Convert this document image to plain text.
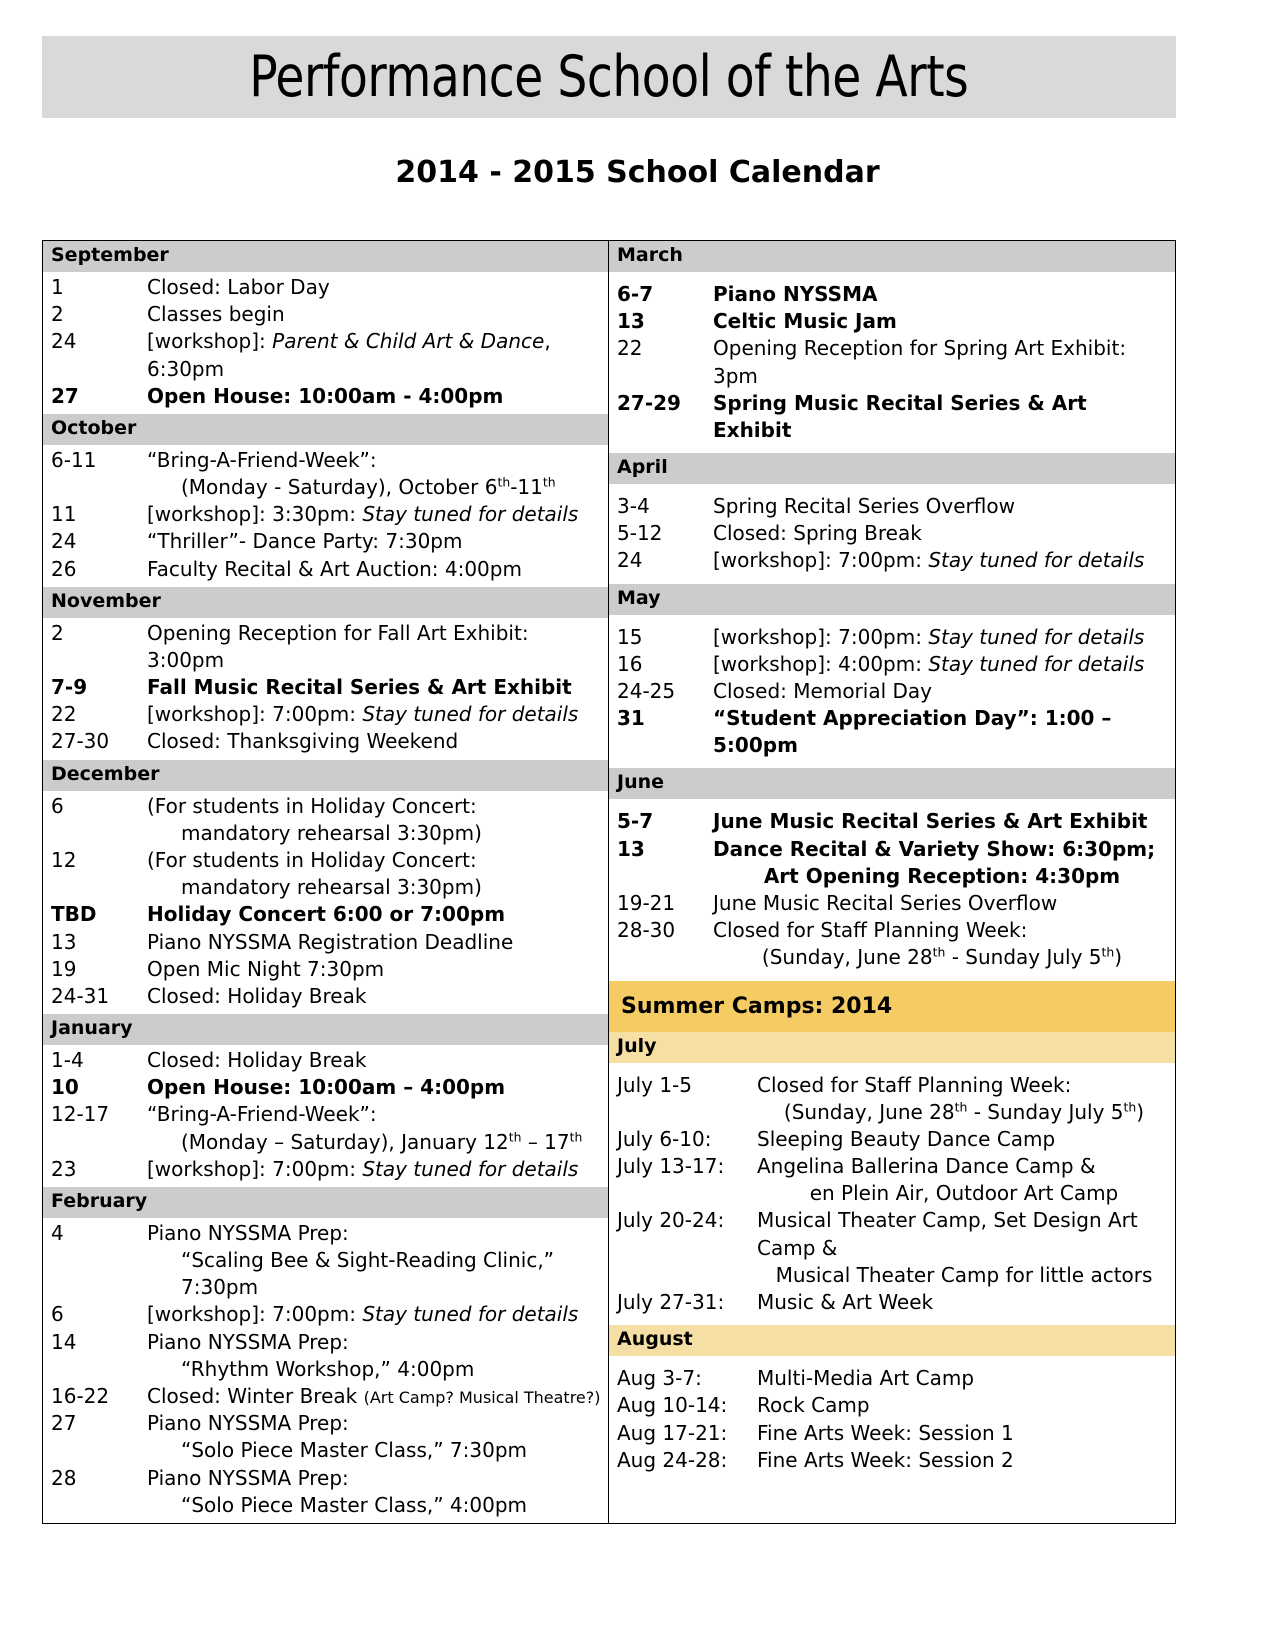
Performance School of the Arts
2014 - 2015 School Calendar
September
1	Closed: Labor Day
2	Classes begin
24	[workshop]: Parent & Child Art & Dance, 6:30pm
27	Open House: 10:00am - 4:00pm
October
6-11	“Bring-A-Friend-Week”:
(Monday - Saturday), October 6th-11th
11	[workshop]: 3:30pm: Stay tuned for details
24	“Thriller”- Dance Party: 7:30pm
26	Faculty Recital & Art Auction: 4:00pm
November
2	Opening Reception for Fall Art Exhibit: 3:00pm
7-9	Fall Music Recital Series & Art Exhibit
22	[workshop]: 7:00pm: Stay tuned for details
27-30	Closed: Thanksgiving Weekend
December
6	(For students in Holiday Concert:
mandatory rehearsal 3:30pm)
12	(For students in Holiday Concert:
mandatory rehearsal 3:30pm)
TBD	Holiday Concert 6:00 or 7:00pm
13	Piano NYSSMA Registration Deadline
19	Open Mic Night 7:30pm
24-31	Closed: Holiday Break
January
1-4	Closed: Holiday Break
10	Open House: 10:00am – 4:00pm
12-17	“Bring-A-Friend-Week”:
(Monday – Saturday), January 12th – 17th
23	[workshop]: 7:00pm: Stay tuned for details
February
4	Piano NYSSMA Prep:
“Scaling Bee & Sight-Reading Clinic,” 7:30pm
6	[workshop]: 7:00pm: Stay tuned for details
14	Piano NYSSMA Prep:
“Rhythm Workshop,” 4:00pm
16-22	Closed: Winter Break (Art Camp? Musical Theatre?)
27	Piano NYSSMA Prep:
“Solo Piece Master Class,” 7:30pm
28	Piano NYSSMA Prep:
“Solo Piece Master Class,” 4:00pm
March
6-7	Piano NYSSMA
13	Celtic Music Jam
22	Opening Reception for Spring Art Exhibit: 3pm
27-29	Spring Music Recital Series & Art Exhibit
April
3-4	Spring Recital Series Overflow
5-12	Closed: Spring Break
24	[workshop]: 7:00pm: Stay tuned for details
May
15	[workshop]: 7:00pm: Stay tuned for details
16	[workshop]: 4:00pm: Stay tuned for details
24-25	Closed: Memorial Day
31	“Student Appreciation Day”: 1:00 – 5:00pm
June
5-7	June Music Recital Series & Art Exhibit
13	Dance Recital & Variety Show: 6:30pm;
Art Opening Reception: 4:30pm
19-21	June Music Recital Series Overflow
28-30	Closed for Staff Planning Week:
(Sunday, June 28th - Sunday July 5th)
Summer Camps: 2014
July
July 1-5	Closed for Staff Planning Week:
(Sunday, June 28th - Sunday July 5th)
July 6-10:	Sleeping Beauty Dance Camp
July 13-17:	Angelina Ballerina Dance Camp &
en Plein Air, Outdoor Art Camp
July 20-24:	Musical Theater Camp, Set Design Art Camp &
Musical Theater Camp for little actors
July 27-31:	Music & Art Week
August
Aug 3-7:	Multi-Media Art Camp
Aug 10-14:	Rock Camp
Aug 17-21:	Fine Arts Week: Session 1
Aug 24-28:	Fine Arts Week: Session 2
